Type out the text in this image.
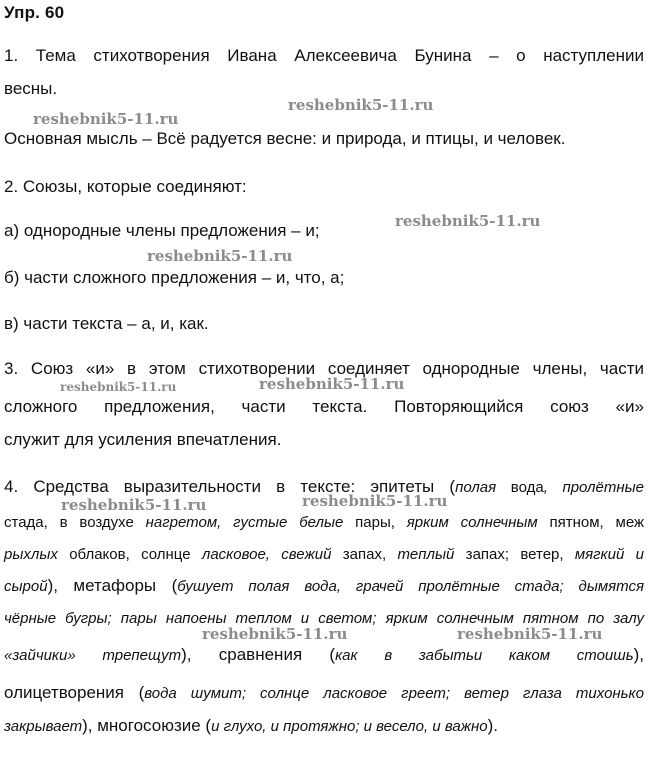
Упр. 60
1. Тема стихотворения Ивана Алексеевича Бунина – о наступлении
весны.
Основная мысль – Всё радуется весне: и природа, и птицы, и человек.
2. Союзы, которые соединяют:
а) однородные члены предложения – и;
б) части сложного предложения – и, что, а;
в) части текста – а, и, как.
3. Союз «и» в этом стихотворении соединяет однородные члены, части
сложного предложения, части текста. Повторяющийся союз «и»
служит для усиления впечатления.
4. Средства выразительности в тексте: эпитеты (полая вода, пролётные
стада, в воздухе нагретом, густые белые пары, ярким солнечным пятном, меж
рыхлых облаков, солнце ласковое, свежий запах, теплый запах; ветер, мягкий и
сырой), метафоры (бушует полая вода, грачей пролётные стада; дымятся
чёрные бугры; пары напоены теплом и светом; ярким солнечным пятном по залу
«зайчики» трепещут), сравнения (как в забытьи каком стоишь),
олицетворения (вода шумит; солнце ласковое греет; ветер глаза тихонько
закрывает), многосоюзие (и глухо, и протяжно; и весело, и важно).
reshebnik5-11.ru
reshebnik5-11.ru
reshebnik5-11.ru
reshebnik5-11.ru
reshebnik5-11.ru	reshebnik5-11.ru
reshebnik5-11.ru	reshebnik5-11.ru
reshebnik5-11.ru	reshebnik5-11.ru
